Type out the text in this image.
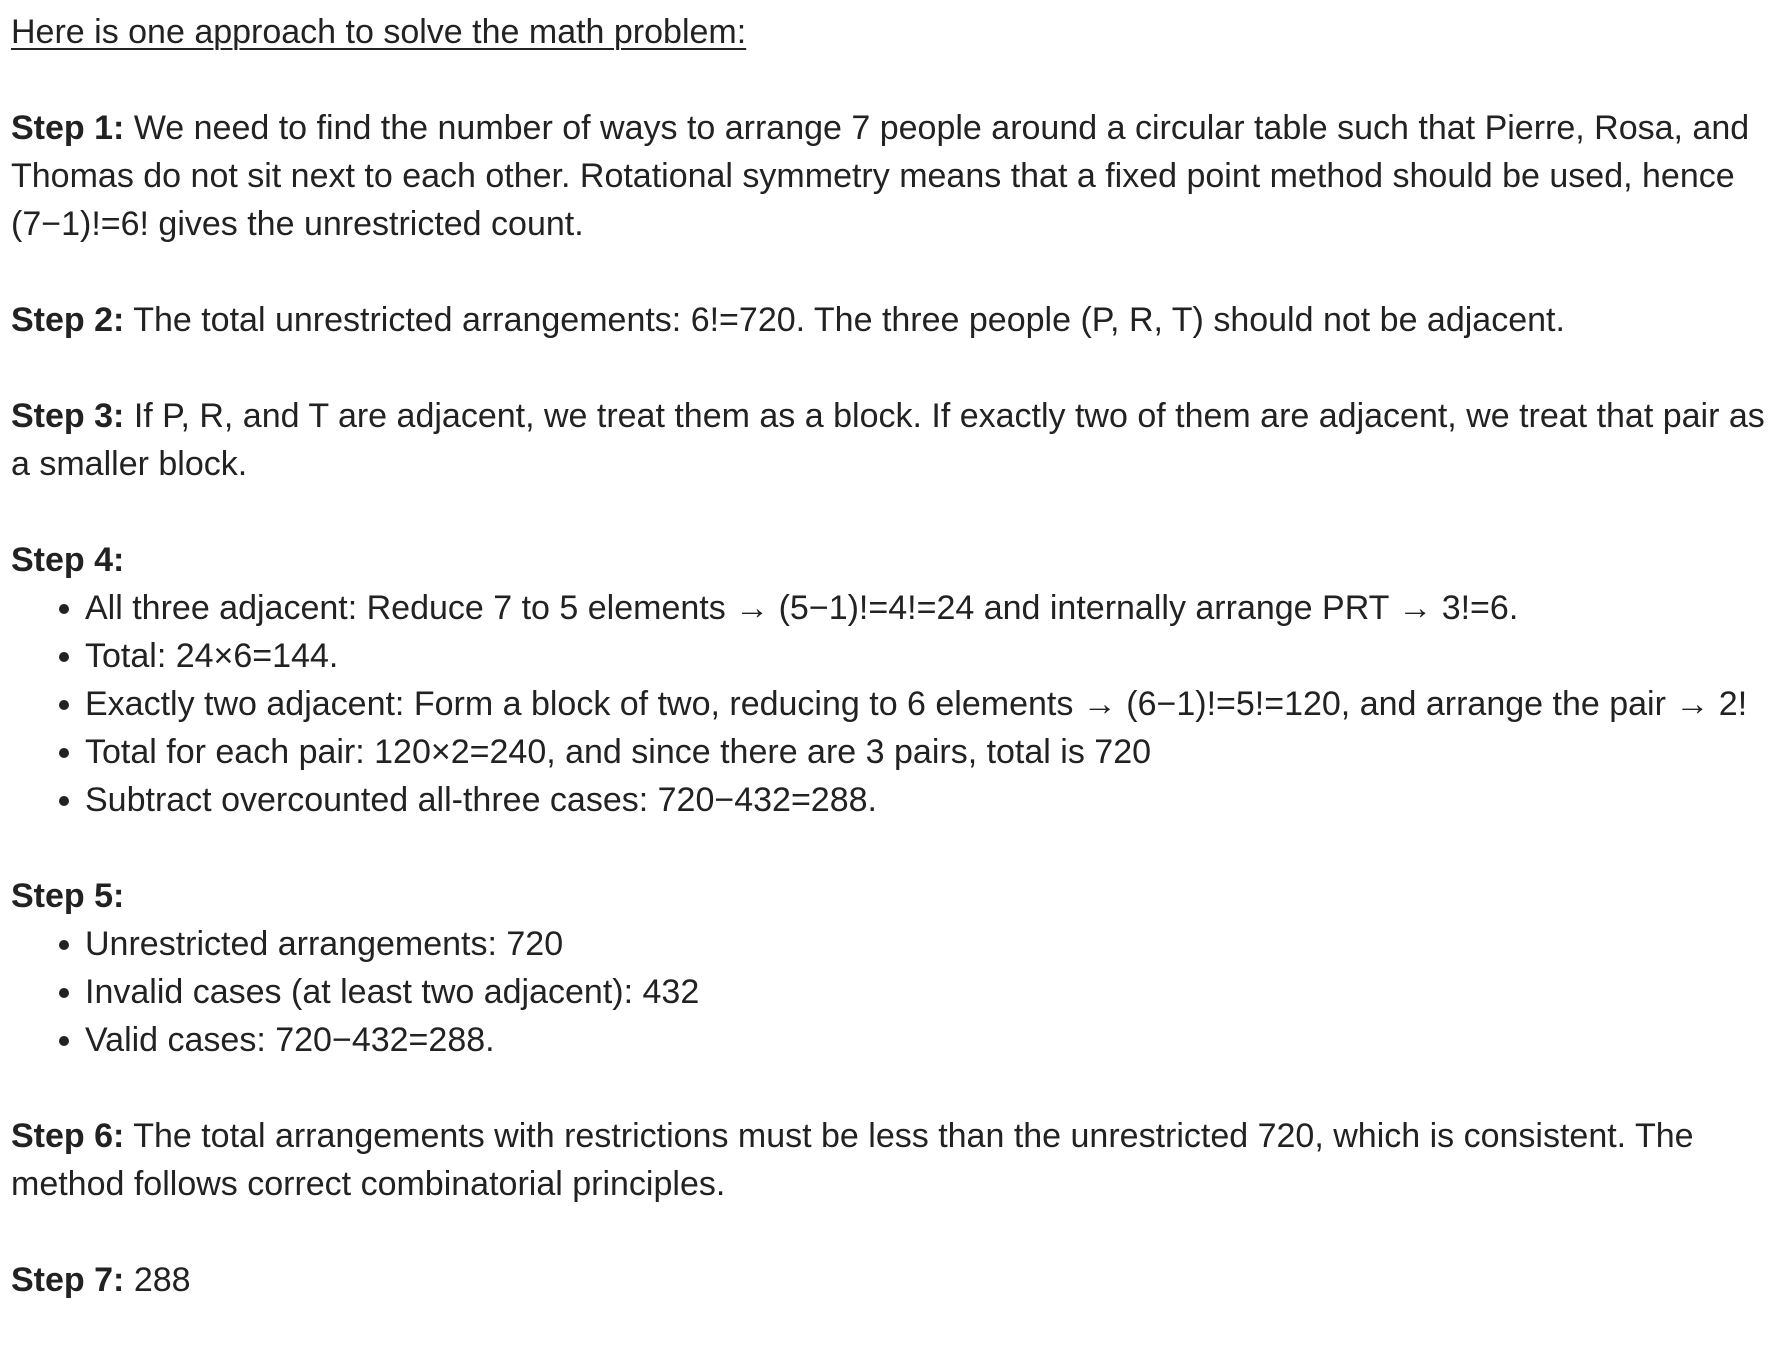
Here is one approach to solve the math problem:
Step 1: We need to find the number of ways to arrange 7 people around a circular table such that Pierre, Rosa, and Thomas do not sit next to each other. Rotational symmetry means that a fixed point method should be used, hence (7−1)!=6! gives the unrestricted count.
Step 2: The total unrestricted arrangements: 6!=720. The three people (P, R, T) should not be adjacent.
Step 3: If P, R, and T are adjacent, we treat them as a block. If exactly two of them are adjacent, we treat that pair as a smaller block.
Step 4:
All three adjacent: Reduce 7 to 5 elements → (5−1)!=4!=24 and internally arrange PRT → 3!=6.
Total: 24×6=144.
Exactly two adjacent: Form a block of two, reducing to 6 elements → (6−1)!=5!=120, and arrange the pair → 2!
Total for each pair: 120×2=240, and since there are 3 pairs, total is 720
Subtract overcounted all-three cases: 720−432=288.
Step 5:
Unrestricted arrangements: 720
Invalid cases (at least two adjacent): 432
Valid cases: 720−432=288.
Step 6: The total arrangements with restrictions must be less than the unrestricted 720, which is consistent. The method follows correct combinatorial principles.
Step 7: 288
